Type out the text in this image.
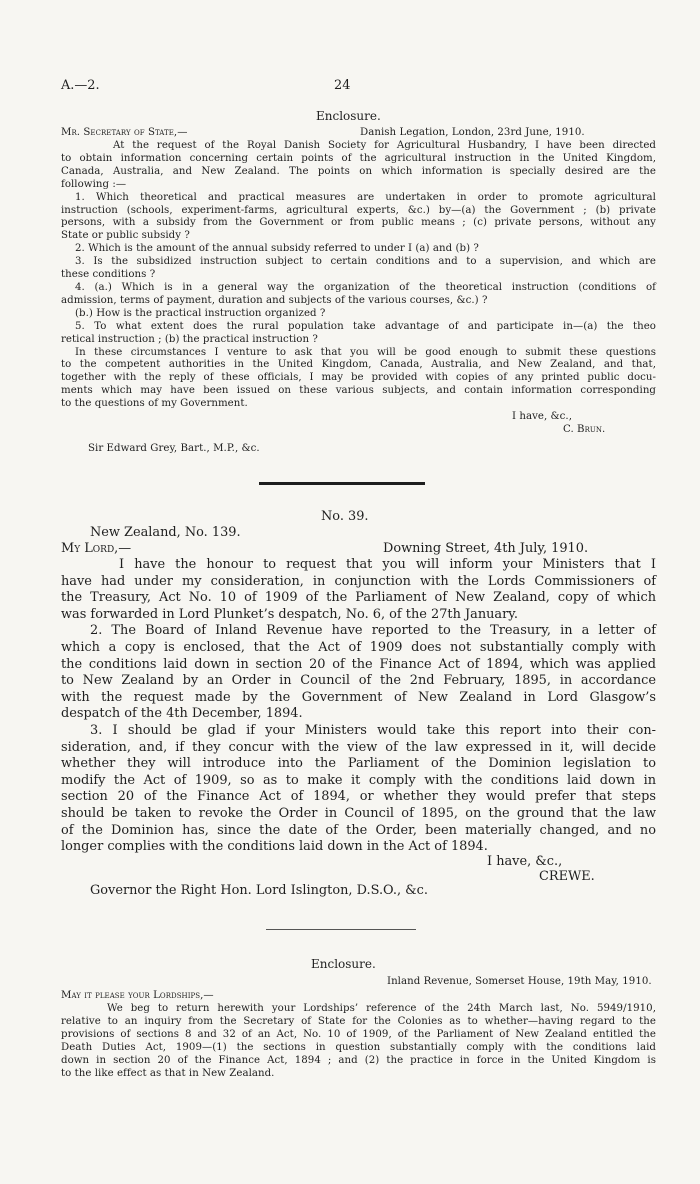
A.—2.	24
Enclosure.
Mr. Secretary of State,—	Danish Legation, London, 23rd June, 1910.

At the request of the Royal Danish Society for Agricultural Husbandry, I have been directed

to obtain information concerning certain points of the agricultural instruction in the United Kingdom,

Canada, Australia, and New Zealand. The points on which information is specially desired are the

following :—

1. Which theoretical and practical measures are undertaken in order to promote agricultural

instruction (schools, experiment-farms, agricultural experts, &c.) by—(a) the Government ; (b) private

persons, with a subsidy from the Government or from public means ; (c) private persons, without any

State or public subsidy ?

2. Which is the amount of the annual subsidy referred to under I (a) and (b) ?

3. Is the subsidized instruction subject to certain conditions and to a supervision, and which are

these conditions ?

4. (a.) Which is in a general way the organization of the theoretical instruction (conditions of

admission, terms of payment, duration and subjects of the various courses, &c.) ?

(b.) How is the practical instruction organized ?

5. To what extent does the rural population take advantage of and participate in—(a) the theo

retical instruction ; (b) the practical instruction ?

In these circumstances I venture to ask that you will be good enough to submit these questions

to the competent authorities in the United Kingdom, Canada, Australia, and New Zealand, and that,

together with the reply of these officials, I may be provided with copies of any printed public docu-

ments which may have been issued on these various subjects, and contain information corresponding

to the questions of my Government.

I have, &c.,
C. Brun.
Sir Edward Grey, Bart., M.P., &c.
No. 39.
New Zealand, No. 139.
My Lord,—	Downing Street, 4th July, 1910.

I have the honour to request that you will inform your Ministers that I

have had under my consideration, in conjunction with the Lords Commissioners of

the Treasury, Act No. 10 of 1909 of the Parliament of New Zealand, copy of which

was forwarded in Lord Plunket’s despatch, No. 6, of the 27th January.

2. The Board of Inland Revenue have reported to the Treasury, in a letter of

which a copy is enclosed, that the Act of 1909 does not substantially comply with

the conditions laid down in section 20 of the Finance Act of 1894, which was applied

to New Zealand by an Order in Council of the 2nd February, 1895, in accordance

with the request made by the Government of New Zealand in Lord Glasgow’s

despatch of the 4th December, 1894.

3. I should be glad if your Ministers would take this report into their con-

sideration, and, if they concur with the view of the law expressed in it, will decide

whether they will introduce into the Parliament of the Dominion legislation to

modify the Act of 1909, so as to make it comply with the conditions laid down in

section 20 of the Finance Act of 1894, or whether they would prefer that steps

should be taken to revoke the Order in Council of 1895, on the ground that the law

of the Dominion has, since the date of the Order, been materially changed, and no

longer complies with the conditions laid down in the Act of 1894.

I have, &c.,
CREWE.
Governor the Right Hon. Lord Islington, D.S.O., &c.
Enclosure.
Inland Revenue, Somerset House, 19th May, 1910.
May it please your Lordships,—

We beg to return herewith your Lordships’ reference of the 24th March last, No. 5949/1910,

relative to an inquiry from the Secretary of State for the Colonies as to whether—having regard to the

provisions of sections 8 and 32 of an Act, No. 10 of 1909, of the Parliament of New Zealand entitled the

Death Duties Act, 1909—(1) the sections in question substantially comply with the conditions laid

down in section 20 of the Finance Act, 1894 ; and (2) the practice in force in the United Kingdom is

to the like effect as that in New Zealand.
